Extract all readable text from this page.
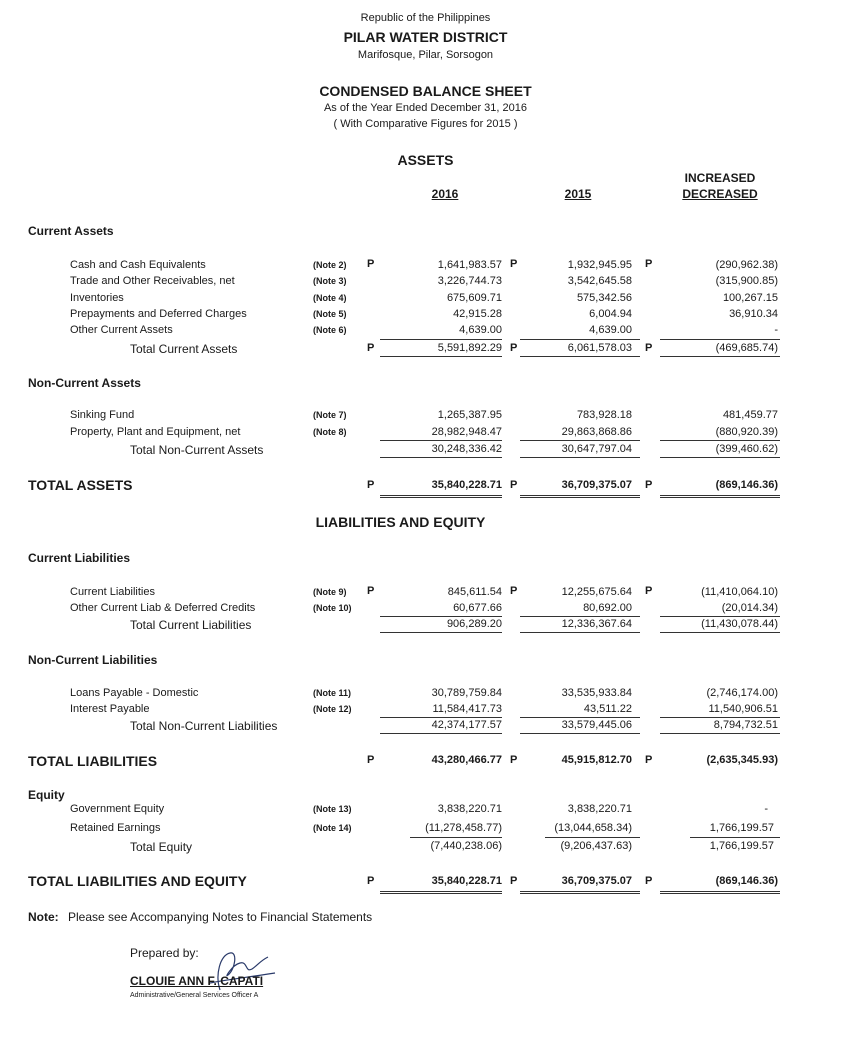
Republic of the Philippines
PILAR WATER DISTRICT
Marifosque, Pilar, Sorsogon
CONDENSED BALANCE SHEET
As of the Year Ended December 31, 2016
( With Comparative Figures for 2015 )
ASSETS
2016	2015
INCREASED
DECREASED
Current Assets
Cash and Cash Equivalents	(Note 2) P	1,641,983.57 P	1,932,945.95 P	(290,962.38)
Trade and Other Receivables, net	(Note 3)	3,226,744.73	3,542,645.58	(315,900.85)
Inventories	(Note 4)	675,609.71	575,342.56	100,267.15
Prepayments and Deferred Charges	(Note 5)	42,915.28	6,004.94	36,910.34
Other Current Assets	(Note 6)	4,639.00	4,639.00	-
Total Current Assets	P	5,591,892.29 P	6,061,578.03 P	(469,685.74)
Non-Current Assets
Sinking Fund	(Note 7)	1,265,387.95	783,928.18	481,459.77
Property, Plant and Equipment, net	(Note 8)	28,982,948.47	29,863,868.86	(880,920.39)
Total Non-Current Assets	30,248,336.42	30,647,797.04	(399,460.62)
TOTAL ASSETS	P	35,840,228.71 P	36,709,375.07 P	(869,146.36)
LIABILITIES AND EQUITY
Current Liabilities
Current Liabilities	(Note 9) P	845,611.54 P	12,255,675.64 P	(11,410,064.10)
Other Current Liab & Deferred Credits	(Note 10)	60,677.66	80,692.00	(20,014.34)
Total Current Liabilities	906,289.20	12,336,367.64	(11,430,078.44)
Non-Current Liabilities
Loans Payable - Domestic	(Note 11)	30,789,759.84	33,535,933.84	(2,746,174.00)
Interest Payable	(Note 12)	11,584,417.73	43,511.22	11,540,906.51
Total Non-Current Liabilities	42,374,177.57	33,579,445.06	8,794,732.51
TOTAL LIABILITIES	P	43,280,466.77 P	45,915,812.70 P	(2,635,345.93)
Equity
Government Equity	(Note 13)	3,838,220.71	3,838,220.71	-
Retained Earnings	(Note 14)	(11,278,458.77)	(13,044,658.34)	1,766,199.57
Total Equity	(7,440,238.06)	(9,206,437.63)	1,766,199.57
TOTAL LIABILITIES AND EQUITY	P	35,840,228.71 P	36,709,375.07 P	(869,146.36)
Note: Please see Accompanying Notes to Financial Statements
Prepared by:
CLOUIE ANN F. CAPATI
Administrative/General Services Officer A
